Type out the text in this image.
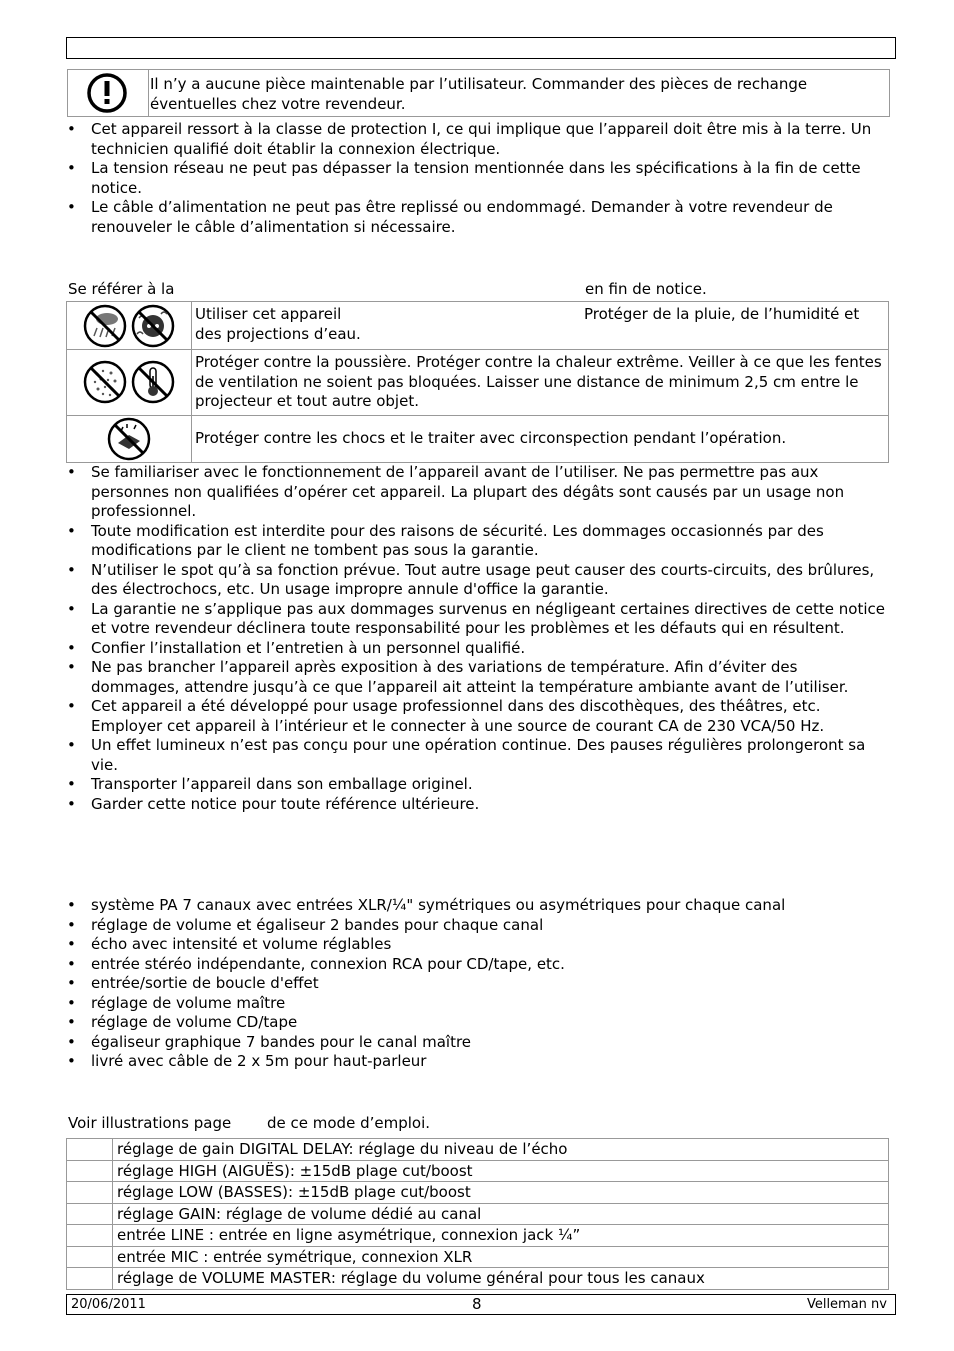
Il n’y a aucune pièce maintenable par l’utilisateur. Commander des pièces de rechange éventuelles chez votre revendeur.
• Cet appareil ressort à la classe de protection I, ce qui implique que l’appareil doit être mis à la terre. Un technicien qualifié doit établir la connexion électrique.
• La tension réseau ne peut pas dépasser la tension mentionnée dans les spécifications à la fin de cette notice.
• Le câble d’alimentation ne peut pas être replissé ou endommagé. Demander à votre revendeur de renouveler le câble d’alimentation si nécessaire.
Se référer à la	en fin de notice.
	Utiliser cet appareil Protéger de la pluie, de l’humidité et

des projections d’eau.

	Protéger contre la poussière. Protéger contre la chaleur extrême. Veiller à ce que les fentes de ventilation ne soient pas bloquées. Laisser une distance de minimum 2,5 cm entre le projecteur et tout autre objet.

	Protéger contre les chocs et le traiter avec circonspection pendant l’opération.
• Se familiariser avec le fonctionnement de l’appareil avant de l’utiliser. Ne pas permettre pas aux personnes non qualifiées d’opérer cet appareil. La plupart des dégâts sont causés par un usage non professionnel.
• Toute modification est interdite pour des raisons de sécurité. Les dommages occasionnés par des modifications par le client ne tombent pas sous la garantie.
• N’utiliser le spot qu’à sa fonction prévue. Tout autre usage peut causer des courts-circuits, des brûlures, des électrochocs, etc. Un usage impropre annule d'office la garantie.
• La garantie ne s’applique pas aux dommages survenus en négligeant certaines directives de cette notice et votre revendeur déclinera toute responsabilité pour les problèmes et les défauts qui en résultent.
• Confier l’installation et l’entretien à un personnel qualifié.
• Ne pas brancher l’appareil après exposition à des variations de température. Afin d’éviter des dommages, attendre jusqu’à ce que l’appareil ait atteint la température ambiante avant de l’utiliser.
• Cet appareil a été développé pour usage professionnel dans des discothèques, des théâtres, etc. Employer cet appareil à l’intérieur et le connecter à une source de courant CA de 230 VCA/50 Hz.
• Un effet lumineux n’est pas conçu pour une opération continue. Des pauses régulières prolongeront sa vie.
• Transporter l’appareil dans son emballage originel.
• Garder cette notice pour toute référence ultérieure.
• système PA 7 canaux avec entrées XLR/¼" symétriques ou asymétriques pour chaque canal
• réglage de volume et égaliseur 2 bandes pour chaque canal
• écho avec intensité et volume réglables
• entrée stéréo indépendante, connexion RCA pour CD/tape, etc.
• entrée/sortie de boucle d'effet
• réglage de volume maître
• réglage de volume CD/tape
• égaliseur graphique 7 bandes pour le canal maître
• livré avec câble de 2 x 5m pour haut-parleur
Voir illustrations page de ce mode d’emploi.
	réglage de gain DIGITAL DELAY: réglage du niveau de l’écho
	réglage HIGH (AIGUËS): ±15dB plage cut/boost
	réglage LOW (BASSES): ±15dB plage cut/boost
	réglage GAIN: réglage de volume dédié au canal
	entrée LINE : entrée en ligne asymétrique, connexion jack ¼”
	entrée MIC : entrée symétrique, connexion XLR
	réglage de VOLUME MASTER: réglage du volume général pour tous les canaux
20/06/2011	8	Velleman nv
